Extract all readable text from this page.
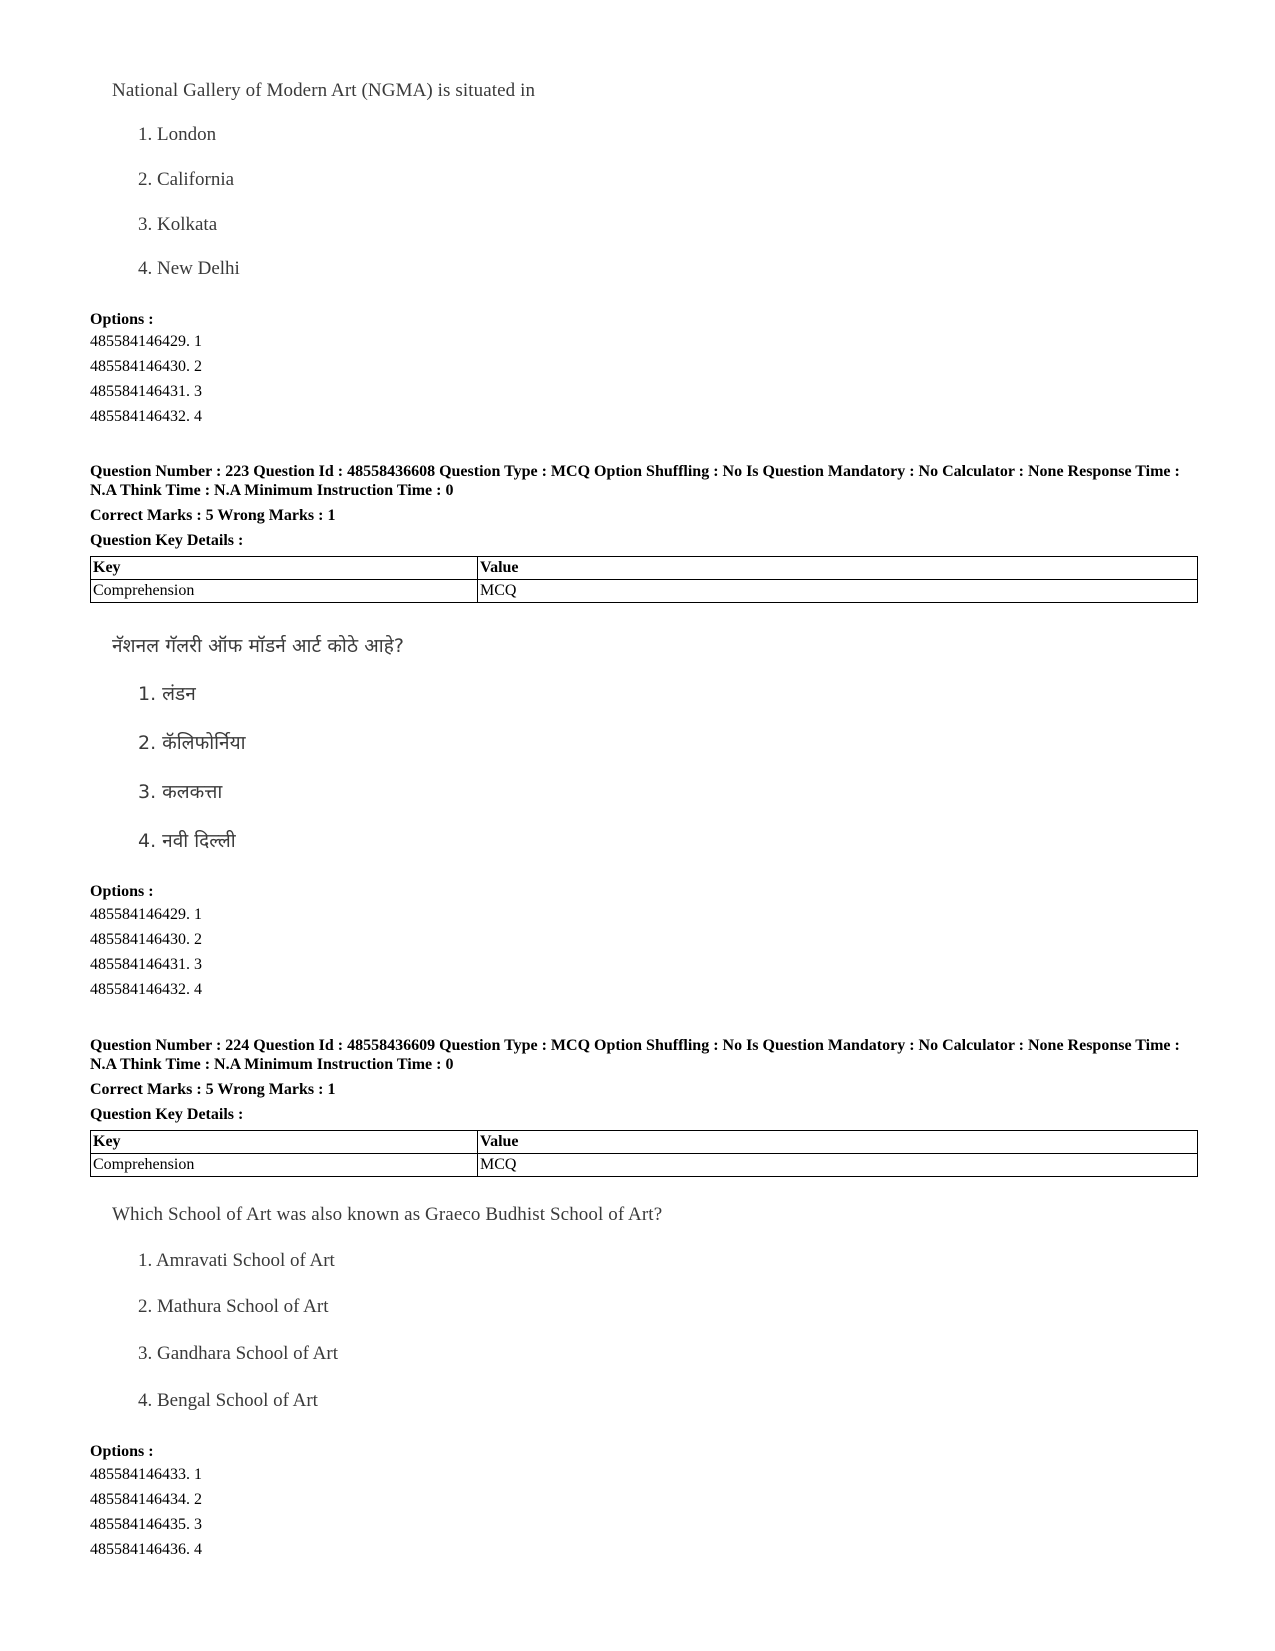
National Gallery of Modern Art (NGMA) is situated in
1. London
2. California
3. Kolkata
4. New Delhi
Options :
485584146429. 1
485584146430. 2
485584146431. 3
485584146432. 4
Question Number : 223 Question Id : 48558436608 Question Type : MCQ Option Shuffling : No Is Question Mandatory : No Calculator : None Response Time : N.A Think Time : N.A Minimum Instruction Time : 0
Correct Marks : 5 Wrong Marks : 1
Question Key Details :
Key	Value
Comprehension	MCQ
नॅशनल गॅलरी ऑफ मॉडर्न आर्ट कोठे आहे?
1. लंडन
2. कॅलिफोर्निया
3. कलकत्ता
4. नवी दिल्ली
Options :
485584146429. 1
485584146430. 2
485584146431. 3
485584146432. 4
Question Number : 224 Question Id : 48558436609 Question Type : MCQ Option Shuffling : No Is Question Mandatory : No Calculator : None Response Time : N.A Think Time : N.A Minimum Instruction Time : 0
Correct Marks : 5 Wrong Marks : 1
Question Key Details :
Key	Value
Comprehension	MCQ
Which School of Art was also known as Graeco Budhist School of Art?
1. Amravati School of Art
2. Mathura School of Art
3. Gandhara School of Art
4. Bengal School of Art
Options :
485584146433. 1
485584146434. 2
485584146435. 3
485584146436. 4
